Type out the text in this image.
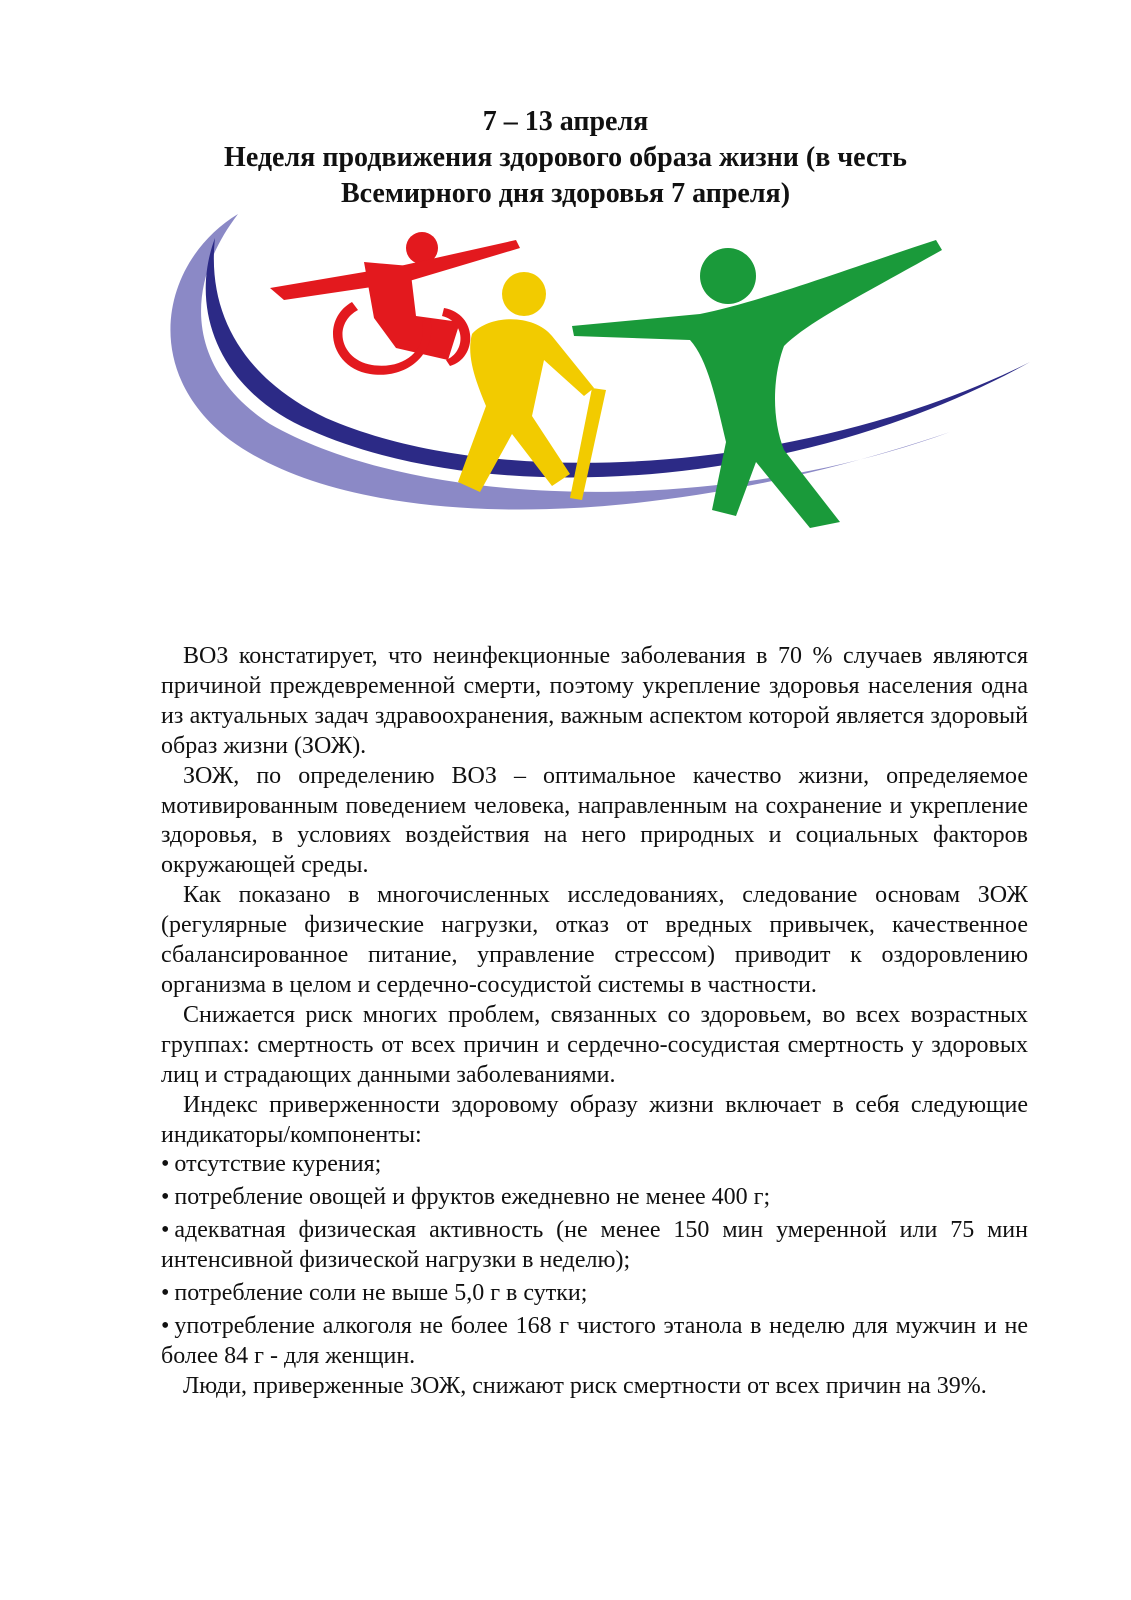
7 – 13 апреля
Неделя продвижения здорового образа жизни (в честь
Всемирного дня здоровья 7 апреля)

ВОЗ констатирует, что неинфекционные заболевания в 70 % случаев являются причиной преждевременной смерти, поэтому укрепление здоровья населения одна из актуальных задач здравоохранения, важным аспектом которой является здоровый образ жизни (ЗОЖ).

ЗОЖ, по определению ВОЗ – оптимальное качество жизни, определяемое мотивированным поведением человека, направленным на сохранение и укрепление здоровья, в условиях воздействия на него природных и социальных факторов окружающей среды.

Как показано в многочисленных исследованиях, следование основам ЗОЖ (регулярные физические нагрузки, отказ от вредных привычек, качественное сбалансированное питание, управление стрессом) приводит к оздоровлению организма в целом и сердечно-сосудистой системы в частности.

Снижается риск многих проблем, связанных со здоровьем, во всех возрастных группах: смертность от всех причин и сердечно-сосудистая смертность у здоровых лиц и страдающих данными заболеваниями.

Индекс приверженности здоровому образу жизни включает в себя следующие индикаторы/компоненты:

• отсутствие курения;

• потребление овощей и фруктов ежедневно не менее 400 г;

• адекватная физическая активность (не менее 150 мин умеренной или 75 мин интенсивной физической нагрузки в неделю);

• потребление соли не выше 5,0 г в сутки;

• употребление алкоголя не более 168 г чистого этанола в неделю для мужчин и не более 84 г - для женщин.

Люди, приверженные ЗОЖ, снижают риск смертности от всех причин на 39%.
